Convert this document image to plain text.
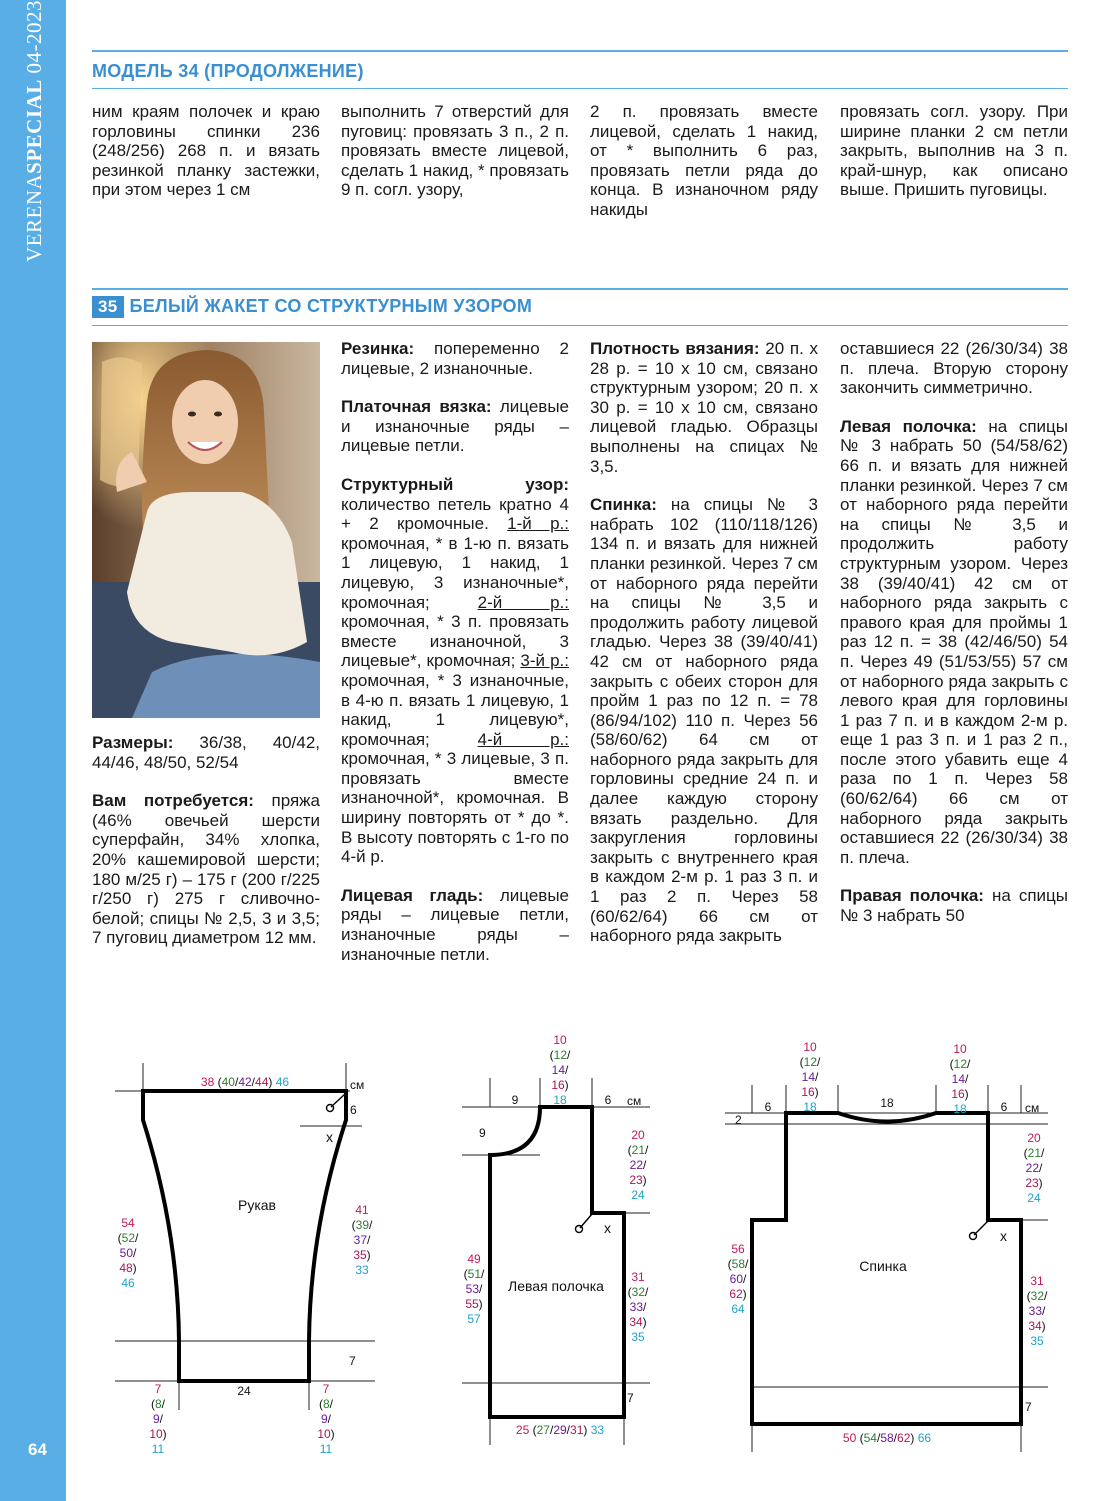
VERENASPECIAL 04-2023
64
МОДЕЛЬ 34 (ПРОДОЛЖЕНИЕ)
ним краям полочек и краю горловины спинки 236 (248/256) 268 п. и вязать резинкой планку застежки, при этом через 1 см
выполнить 7 отверстий для пуговиц: провязать 3 п., 2 п. провязать вместе лицевой, сделать 1 накид, * провязать 9 п. согл. узору,
2 п. провязать вместе лицевой, сделать 1 накид, от * выполнить 6 раз, провязать петли ряда до конца. В изнаночном ряду накиды
провязать согл. узору. При ширине планки 2 см петли закрыть, выполнив на 3 п. край-шнур, как описано выше. Пришить пуговицы.
35 БЕЛЫЙ ЖАКЕТ СО СТРУКТУРНЫМ УЗОРОМ

Размеры: 36/38, 40/42, 44/46, 48/50, 52/54

Вам потребуется: пряжа (46% овечьей шерсти суперфайн, 34% хлопка, 20% кашемировой шерсти; 180 м/25 г) – 175 г (200 г/225 г/250 г) 275 г сливочно-белой; спицы № 2,5, 3 и 3,5; 7 пуговиц диаметром 12 мм.

Резинка: попеременно 2 лицевые, 2 изнаночные.

Платочная вязка: лицевые и изнаночные ряды – лицевые петли.

Структурный узор: количество петель кратно 4 + 2 кромочные. 1-й р.: кромочная, * в 1-ю п. вязать 1 лицевую, 1 накид, 1 лицевую, 3 изнаночные*, кромочная; 2-й р.: кромочная, * 3 п. провязать вместе изнаночной, 3 лицевые*, кромочная; 3-й р.: кромочная, * 3 изнаночные, в 4-ю п. вязать 1 лицевую, 1 накид, 1 лицевую*, кромочная; 4-й р.: кромочная, * 3 лицевые, 3 п. провязать вместе изнаночной*, кромочная. В ширину повторять от * до *. В высоту повторять с 1-го по 4-й р.

Лицевая гладь: лицевые ряды – лицевые петли, изнаночные ряды – изнаночные петли.

Плотность вязания: 20 п. х 28 р. = 10 х 10 см, связано структурным узором; 20 п. х 30 р. = 10 х 10 см, связано лицевой гладью. Образцы выполнены на спицах № 3,5.

Спинка: на спицы № 3 набрать 102 (110/118/126) 134 п. и вязать для нижней планки резинкой. Через 7 см от наборного ряда перейти на спицы № 3,5 и продолжить работу лицевой гладью. Через 38 (39/40/41) 42 см от наборного ряда закрыть с обеих сторон для пройм 1 раз по 12 п. = 78 (86/94/102) 110 п. Через 56 (58/60/62) 64 см от наборного ряда закрыть для горловины средние 24 п. и далее каждую сторону вязать раздельно. Для закругления горловины закрыть с внутреннего края в каждом 2-м р. 1 раз 3 п. и 1 раз 2 п. Через 58 (60/62/64) 66 см от наборного ряда закрыть

оставшиеся 22 (26/30/34) 38 п. плеча. Вторую сторону закончить симметрично.

Левая полочка: на спицы № 3 набрать 50 (54/58/62) 66 п. и вязать для нижней планки резинкой. Через 7 см от наборного ряда перейти на спицы № 3,5 и продолжить работу структурным узором. Через 38 (39/40/41) 42 см от наборного ряда закрыть с правого края для проймы 1 раз 12 п. = 38 (42/46/50) 54 п. Через 49 (51/53/55) 57 см от наборного ряда закрыть с левого края для горловины 1 раз 7 п. и в каждом 2-м р. еще 1 раз 3 п. и 1 раз 2 п., после этого убавить еще 4 раза по 1 п. Через 58 (60/62/64) 66 см от наборного ряда закрыть оставшиеся 22 (26/30/34) 38 п. плеча.

Правая полочка: на спицы № 3 набрать 50

38 (40/42/44) 46	см
6
x
Рукав
54
(52/
50/
48)
46
41
(39/
37/
35)
33
7
24
7
(8/
9/
10)
11
7
(8/
9/
10)
11
10
(12/
14/
16)
18
9	6 см
9	20
(21/
22/
23)
24
x
49
(51/
53/
55)
57
Левая полочка
31
(32/
33/
34)
35
7
25 (27/29/31) 33
10
(12/
14/
16)
18
10
(12/
14/
16)
18
6	18	6 см
2
20
(21/
22/
23)
24
x
56
(58/
60/
62)
64
Спинка
31
(32/
33/
34)
35
7
50 (54/58/62) 66
